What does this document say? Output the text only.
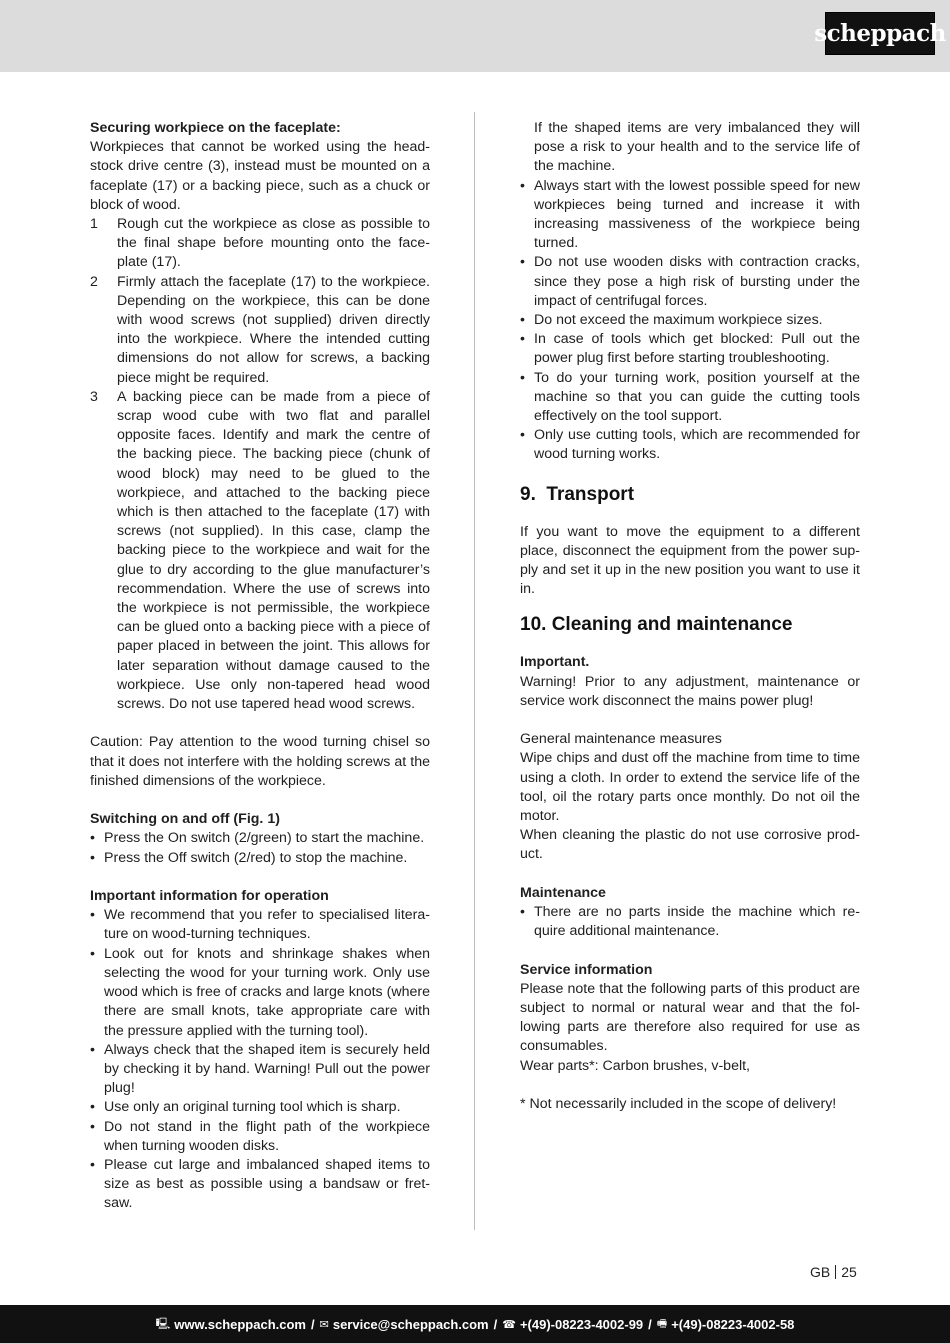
scheppach

Securing workpiece on the faceplate:

Workpieces that cannot be worked using the head-stock drive centre (3), instead must be mounted on a faceplate (17) or a backing piece, such as a chuck or block of wood.

1	Rough cut the workpiece as close as possible to the final shape before mounting onto the face-plate (17).
2	Firmly attach the faceplate (17) to the workpiece. Depending on the workpiece, this can be done with wood screws (not supplied) driven directly into the workpiece. Where the intended cutting dimensions do not allow for screws, a backing piece might be required.
3	A backing piece can be made from a piece of scrap wood cube with two flat and parallel opposite faces. Identify and mark the centre of the backing piece. The backing piece (chunk of wood block) may need to be glued to the workpiece, and attached to the backing piece which is then attached to the faceplate (17) with screws (not supplied). In this case, clamp the backing piece to the workpiece and wait for the glue to dry according to the glue manufacturer’s recommendation. Where the use of screws into the workpiece is not permissible, the workpiece can be glued onto a backing piece with a piece of paper placed in between the joint. This allows for later separation without damage caused to the workpiece. Use only non-tapered head wood screws. Do not use tapered head wood screws.

Caution: Pay attention to the wood turning chisel so that it does not interfere with the holding screws at the finished dimensions of the workpiece.

Switching on and off (Fig. 1)

• Press the On switch (2/green) to start the machine.
• Press the Off switch (2/red) to stop the machine.

Important information for operation

• We recommend that you refer to specialised litera-ture on wood-turning techniques.
• Look out for knots and shrinkage shakes when selecting the wood for your turning work. Only use wood which is free of cracks and large knots (where there are small knots, take appropriate care with the pressure applied with the turning tool).
• Always check that the shaped item is securely held by checking it by hand. Warning! Pull out the power plug!
• Use only an original turning tool which is sharp.
• Do not stand in the flight path of the workpiece when turning wooden disks.
• Please cut large and imbalanced shaped items to size as best as possible using a bandsaw or fret-saw.

If the shaped items are very imbalanced they will pose a risk to your health and to the service life of the machine.

• Always start with the lowest possible speed for new workpieces being turned and increase it with increasing massiveness of the workpiece being turned.
• Do not use wooden disks with contraction cracks, since they pose a high risk of bursting under the impact of centrifugal forces.
• Do not exceed the maximum workpiece sizes.
• In case of tools which get blocked: Pull out the power plug first before starting troubleshooting.
• To do your turning work, position yourself at the machine so that you can guide the cutting tools effectively on the tool support.
• Only use cutting tools, which are recommended for wood turning works.

9.  Transport

If you want to move the equipment to a different place, disconnect the equipment from the power sup-ply and set it up in the new position you want to use it in.

10. Cleaning and maintenance

Important.

Warning! Prior to any adjustment, maintenance or service work disconnect the mains power plug!

General maintenance measures

Wipe chips and dust off the machine from time to time using a cloth. In order to extend the service life of the tool, oil the rotary parts once monthly. Do not oil the motor.

When cleaning the plastic do not use corrosive prod-uct.

Maintenance

• There are no parts inside the machine which re-quire additional maintenance.

Service information

Please note that the following parts of this product are subject to normal or natural wear and that the fol-lowing parts are therefore also required for use as consumables.

Wear parts*: Carbon brushes, v-belt,

* Not necessarily included in the scope of delivery!

GB 25
🖳 www.scheppach.com / ✉ service@scheppach.com / ☎ +(49)-08223-4002-99 / 🖷 +(49)-08223-4002-58
